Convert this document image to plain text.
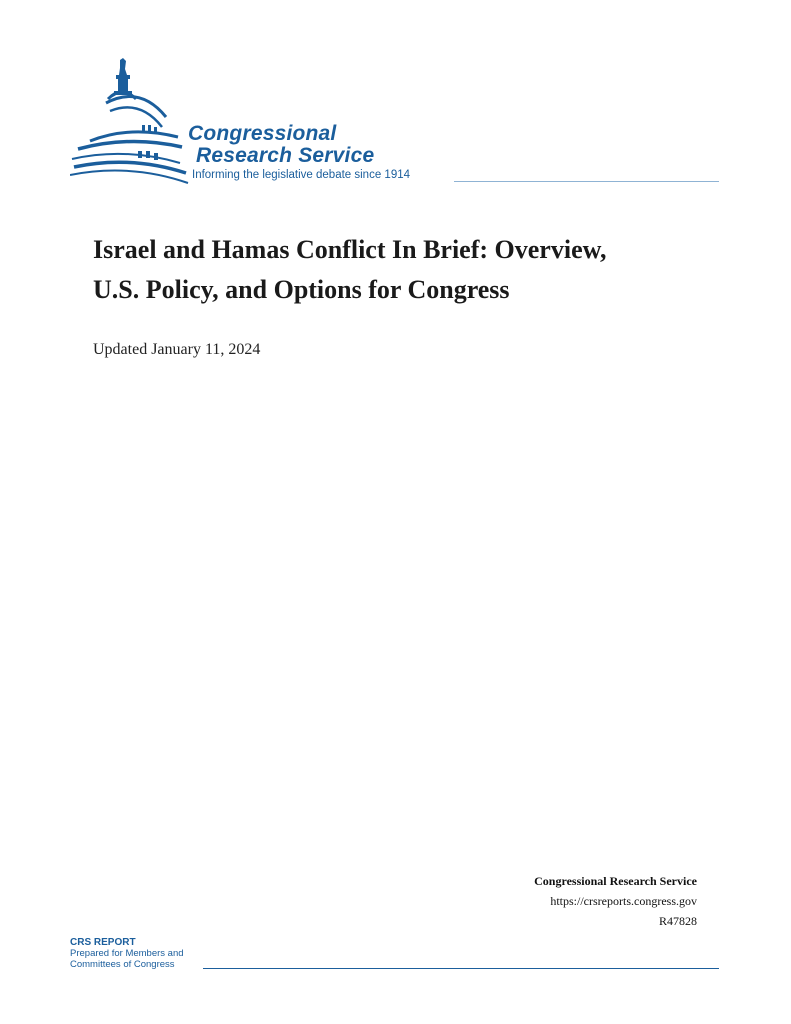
Congressional
Research Service
Informing the legislative debate since 1914
Israel and Hamas Conflict In Brief: Overview,
U.S. Policy, and Options for Congress
Updated January 11, 2024
Congressional Research Service
https://crsreports.congress.gov
R47828
CRS REPORT
Prepared for Members and
Committees of Congress
